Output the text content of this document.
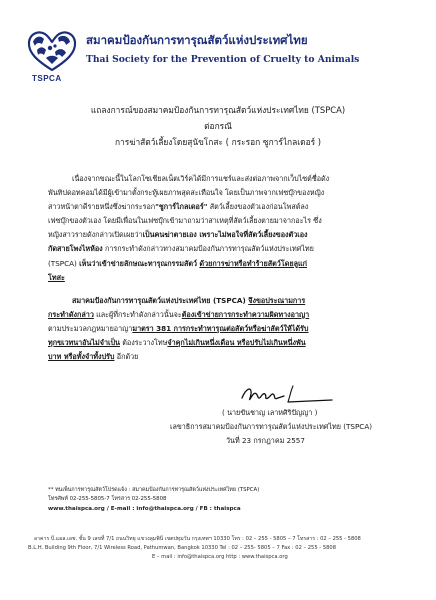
TSPCA
สมาคมป้องกันการทารุณสัตว์แห่งประเทศไทย
Thai Society for the Prevention of Cruelty to Animals
แถลงการณ์ของสมาคมป้องกันการทารุณสัตว์แห่งประเทศไทย (TSPCA)
ต่อกรณี
การฆ่าสัตว์เลี้ยงโดยสุนัขโกสะ ( กระรอก ซูการ์ไกลเดอร์ )

เนื่องจากขณะนี้ในโลกโซเชียลเน็ตเวิร์คได้มีการแชร์และส่งต่อภาพจากเว็บไซต์ชื่อดัง
พันทิปดอทคอมได้มีผู้เข้ามาตั้งกระทู้เผยภาพสุดสะเทือนใจ โดยเป็นภาพจากเฟซบุ๊กของหญิง
สาวหน้าตาดีรายหนึ่งซึ่งฆ่ากระรอก"ชูการ์ไกลเดอร์" สัตว์เลี้ยงของตัวเองก่อนโพสต์ลง
เฟซบุ๊กของตัวเอง โดยมีเพื่อนในเฟซบุ๊กเข้ามาถามว่าสาเหตุที่สัตว์เลี้ยงตายมาจากอะไร ซึ่ง
หญิงสาวรายดังกล่าวเปิดเผยว่าเป็นคนฆ่าตายเอง เพราะไม่พอใจที่สัตว์เลี้ยงของตัวเอง
กัดสายโพงไหห้อง การกระทำดังกล่าวทางสมาคมป้องกันการทารุณสัตว์แห่งประเทศไทย
(TSPCA) เห็นว่าเข้าข่ายลักษณะทารุณกรรมสัตว์ ด้วยการฆ่าหรือทำร้ายสัตว์โดยลูแก่
โทสะ

สมาคมป้องกันการทารุณสัตว์แห่งประเทศไทย (TSPCA) จึงขอประณามการ
กระทำดังกล่าว และผู้ที่กระทำดังกล่าวนั้นจะต้องเข้าข่ายการกระทำความผิดทางอาญา
ตามประมวลกฎหมายอาญามาตรา 381 การกระทำทารุณต่อสัตว์หรือฆ่าสัตว์ให้ได้รับ
ทุกขเวทนาอันไม่จำเป็น ต้องระวางโทษจำคุกไม่เกินหนึ่งเดือน หรือปรับไม่เกินหนึ่งพัน
บาท หรือทั้งจำทั้งปรับ อีกด้วย

( นายขันชาญ เลาหศิริปัญญา )
เลขาธิการสมาคมป้องกันการทารุณสัตว์แห่งประเทศไทย (TSPCA)
วันที่ 23 กรกฎาคม 2557
** ทนเพ็นการทารุณสัตว์โปรดแจ้ง : สมาคมป้องกันการทารุณสัตว์แห่งประเทศไทย (TSPCA)
โทรศัพท์ 02-255-5805-7 โทรสาร 02-255-5808
www.thaispca.org / E-mail : info@thaispca.org / FB : thaispca
อาคาร บี.แอล.เอช. ชั้น 9 เลขที่ 7/1 ถนนวิทยุ แขวงลุมพินี เขตปทุมวัน กรุงเทพฯ 10330 โทร : 02 – 255 - 5805 – 7 โทรสาร : 02 – 255 - 5808
B.L.H. Building 9th Floor, 7/1 Wireless Road, Pathumwan, Bangkok 10330 Tel : 02 – 255- 5805 – 7 Fax : 02 – 255 - 5808
E – mail : info@thaispca.org http : www.thaispca.org
